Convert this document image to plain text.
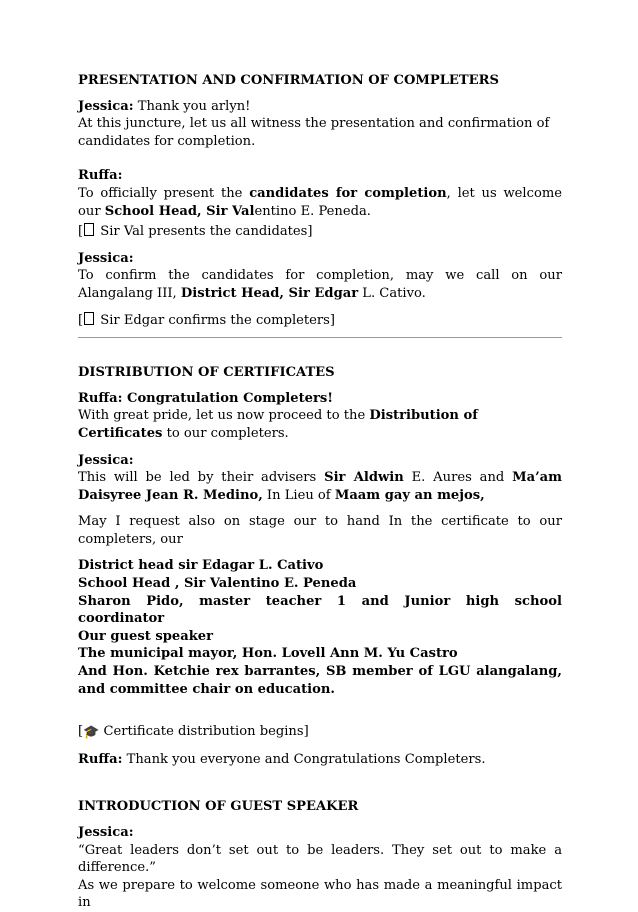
PRESENTATION AND CONFIRMATION OF COMPLETERS

Jessica: Thank you arlyn!
At this juncture, let us all witness the presentation and confirmation of candidates for completion.

Ruffa:
To officially present the candidates for completion, let us welcome our School Head, Sir Valentino E. Peneda.

[ Sir Val presents the candidates]

Jessica:
To confirm the candidates for completion, may we call on our Alangalang III, District Head, Sir Edgar L. Cativo.

[ Sir Edgar confirms the completers]

DISTRIBUTION OF CERTIFICATES

Ruffa: Congratulation Completers!
With great pride, let us now proceed to the Distribution of Certificates to our completers.

Jessica:
This will be led by their advisers Sir Aldwin E. Aures and Ma’am Daisyree Jean R. Medino, In Lieu of Maam gay an mejos,

May I request also on stage our to hand In the certificate to our completers, our

District head sir Edagar L. Cativo

School Head , Sir Valentino E. Peneda

Sharon Pido, master teacher 1 and Junior high school coordinator

Our guest speaker

The municipal mayor, Hon. Lovell Ann M. Yu Castro

And Hon. Ketchie rex barrantes, SB member of LGU alangalang, and committee chair on education.

[🎓 Certificate distribution begins]

Ruffa: Thank you everyone and Congratulations Completers.

INTRODUCTION OF GUEST SPEAKER

Jessica:
“Great leaders don’t set out to be leaders. They set out to make a difference.”
As we prepare to welcome someone who has made a meaningful impact in
